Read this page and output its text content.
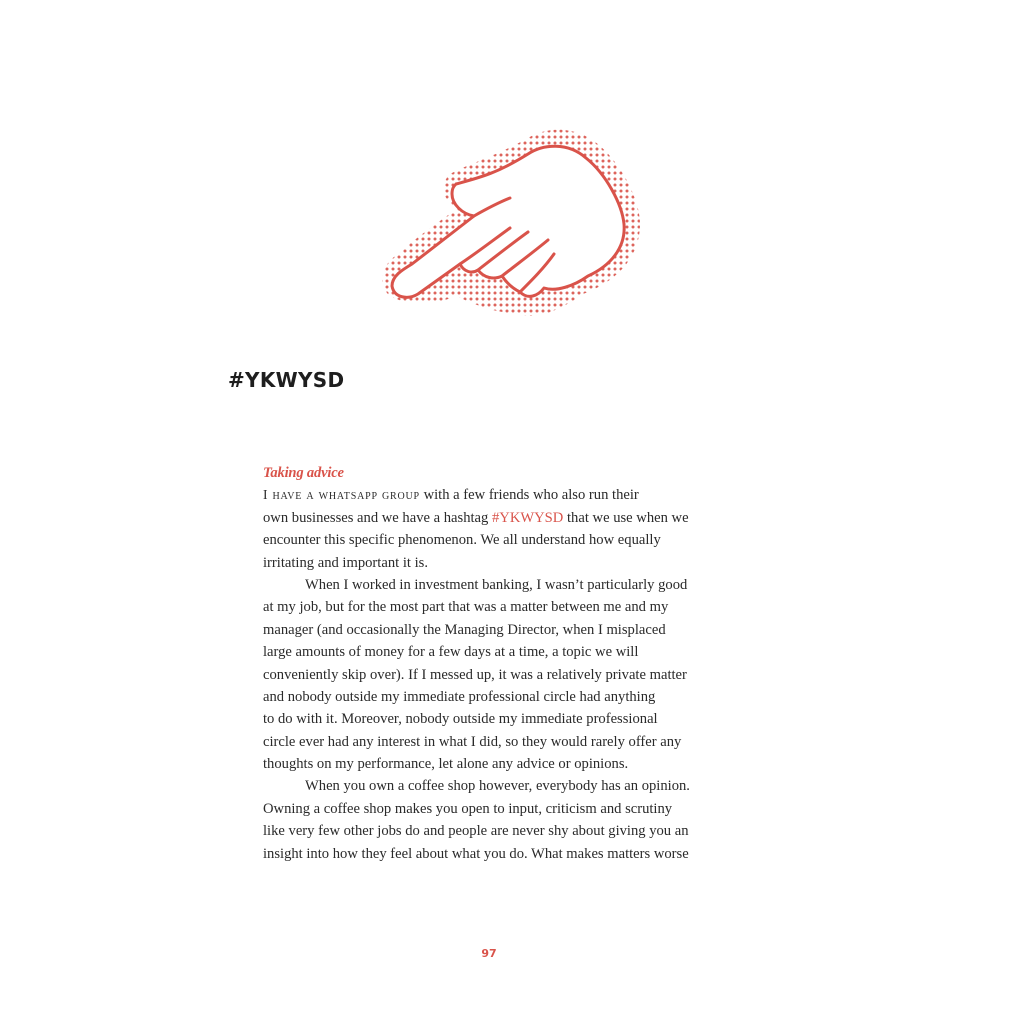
#YKWYSD
Taking advice
I have a whatsapp group with a few friends who also run their
own businesses and we have a hashtag #YKWYSD that we use when we
encounter this specific phenomenon. We all understand how equally
irritating and important it is.
When I worked in investment banking, I wasn’t particularly good
at my job, but for the most part that was a matter between me and my
manager (and occasionally the Managing Director, when I misplaced
large amounts of money for a few days at a time, a topic we will
conveniently skip over). If I messed up, it was a relatively private matter
and nobody outside my immediate professional circle had anything
to do with it. Moreover, nobody outside my immediate professional
circle ever had any interest in what I did, so they would rarely offer any
thoughts on my performance, let alone any advice or opinions.
When you own a coffee shop however, everybody has an opinion.
Owning a coffee shop makes you open to input, criticism and scrutiny
like very few other jobs do and people are never shy about giving you an
insight into how they feel about what you do. What makes matters worse
97
